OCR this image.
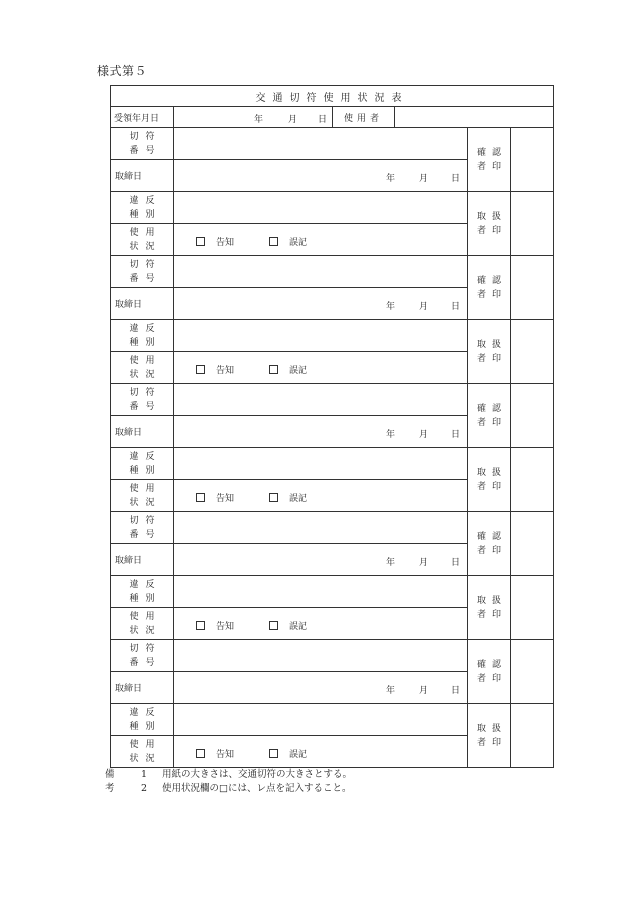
様式第５
交通切符使用状況表					
受領年月日	年 月 日	使用者			

切 符
番 号				確 認
者 印	

取締日	年 月 日				

違 反
種 別				取 扱
者 印	

使 用
状 況	告知 誤記				

切 符
番 号				確 認
者 印	

取締日	年 月 日				

違 反
種 別				取 扱
者 印	

使 用
状 況	告知 誤記				

切 符
番 号				確 認
者 印	

取締日	年 月 日				

違 反
種 別				取 扱
者 印	

使 用
状 況	告知 誤記				

切 符
番 号				確 認
者 印	

取締日	年 月 日				

違 反
種 別				取 扱
者 印	

使 用
状 況	告知 誤記				

切 符
番 号				確 認
者 印	

取締日	年 月 日				

違 反
種 別				取 扱
者 印	

使 用
状 況	告知 誤記				
備考
1 用紙の大きさは、交通切符の大きさとする。
2 使用状況欄の□には、レ点を記入すること。
